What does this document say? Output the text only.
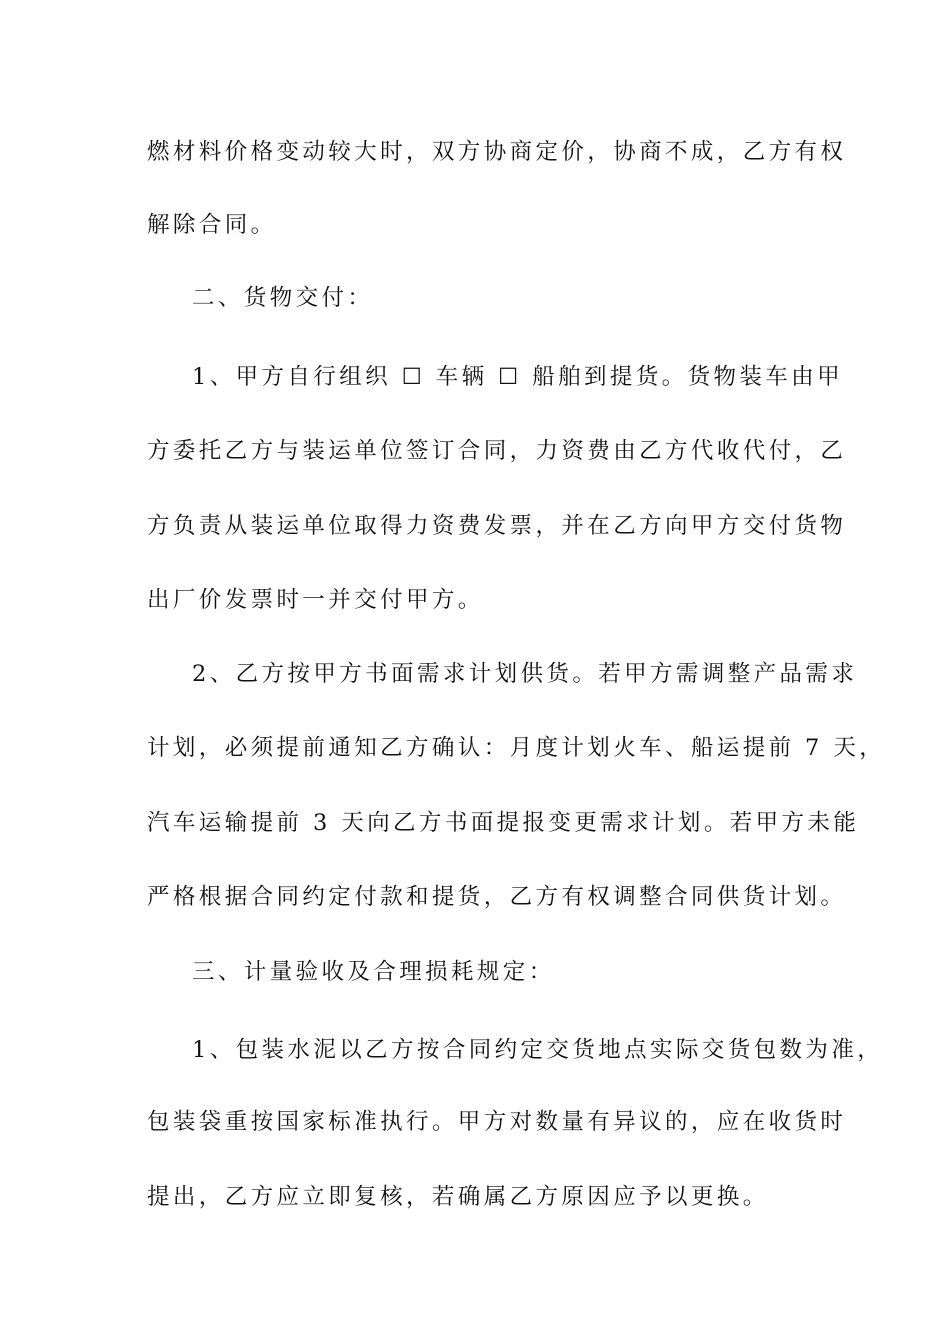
燃材料价格变动较大时，双方协商定价，协商不成，乙方有权
解除合同。
二、货物交付：
1、甲方自行组织 ☐ 车辆 ☐ 船舶到提货。货物装车由甲
方委托乙方与装运单位签订合同，力资费由乙方代收代付，乙
方负责从装运单位取得力资费发票，并在乙方向甲方交付货物
出厂价发票时一并交付甲方。
2、乙方按甲方书面需求计划供货。若甲方需调整产品需求
计划，必须提前通知乙方确认：月度计划火车、船运提前 7 天，
汽车运输提前 3 天向乙方书面提报变更需求计划。若甲方未能
严格根据合同约定付款和提货，乙方有权调整合同供货计划。
三、计量验收及合理损耗规定：
1、包装水泥以乙方按合同约定交货地点实际交货包数为准，
包装袋重按国家标准执行。甲方对数量有异议的，应在收货时
提出，乙方应立即复核，若确属乙方原因应予以更换。
